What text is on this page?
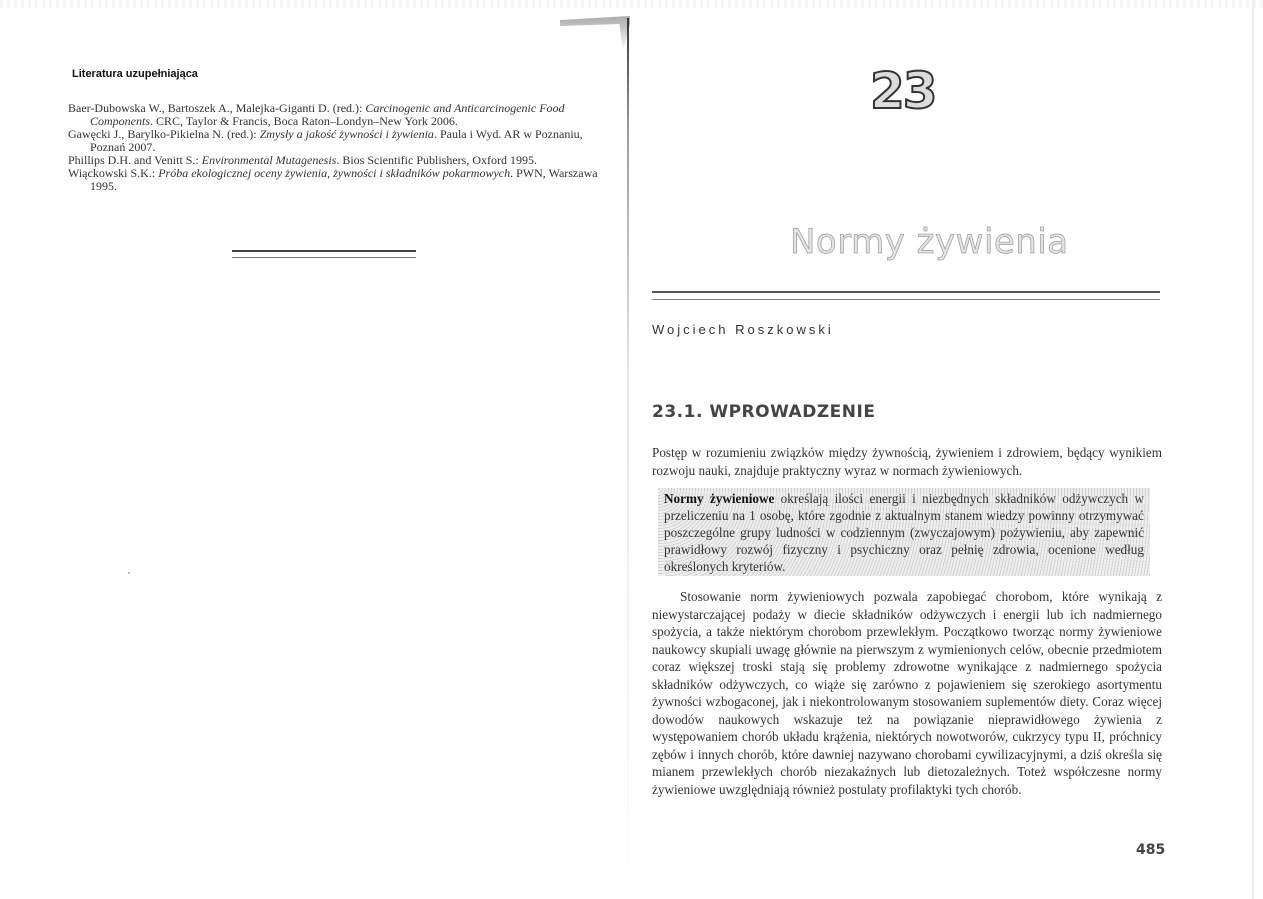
Literatura uzupełniająca

Baer-Dubowska W., Bartoszek A., Malejka-Giganti D. (red.): Carcinogenic and Anticarcinogenic Food Components. CRC, Taylor & Francis, Boca Raton–Londyn–New York 2006.

Gawęcki J., Barylko-Pikielna N. (red.): Zmysły a jakość żywności i żywienia. Paula i Wyd. AR w Poznaniu, Poznań 2007.

Phillips D.H. and Venitt S.: Environmental Mutagenesis. Bios Scientific Publishers, Oxford 1995.

Wiąckowski S.K.: Próba ekologicznej oceny żywienia, żywności i składników pokarmowych. PWN, Warszawa 1995.

23
Normy żywienia
Wojciech Roszkowski
23.1. WPROWADZENIE

Postęp w rozumieniu związków między żywnością, żywieniem i zdrowiem, będący wynikiem rozwoju nauki, znajduje praktyczny wyraz w normach żywieniowych.

Normy żywieniowe określają ilości energii i niezbędnych składników odżywczych w przeliczeniu na 1 osobę, które zgodnie z aktualnym stanem wiedzy powinny otrzymywać poszczególne grupy ludności w codziennym (zwyczajowym) pożywieniu, aby zapewnić prawidłowy rozwój fizyczny i psychiczny oraz pełnię zdrowia, ocenione według określonych kryteriów.

Stosowanie norm żywieniowych pozwala zapobiegać chorobom, które wynikają z niewystarczającej podaży w diecie składników odżywczych i energii lub ich nadmiernego spożycia, a także niektórym chorobom przewlekłym. Początkowo tworząc normy żywieniowe naukowcy skupiali uwagę głównie na pierwszym z wymienionych celów, obecnie przedmiotem coraz większej troski stają się problemy zdrowotne wynikające z nadmiernego spożycia składników odżywczych, co wiąże się zarówno z pojawieniem się szerokiego asortymentu żywności wzbogaconej, jak i niekontrolowanym stosowaniem suplementów diety. Coraz więcej dowodów naukowych wskazuje też na powiązanie nieprawidłowego żywienia z występowaniem chorób układu krążenia, niektórych nowotworów, cukrzycy typu II, próchnicy zębów i innych chorób, które dawniej nazywano chorobami cywilizacyjnymi, a dziś określa się mianem przewlekłych chorób niezakaźnych lub dietozależnych. Toteż współczesne normy żywieniowe uwzględniają również postulaty profilaktyki tych chorób.

485
